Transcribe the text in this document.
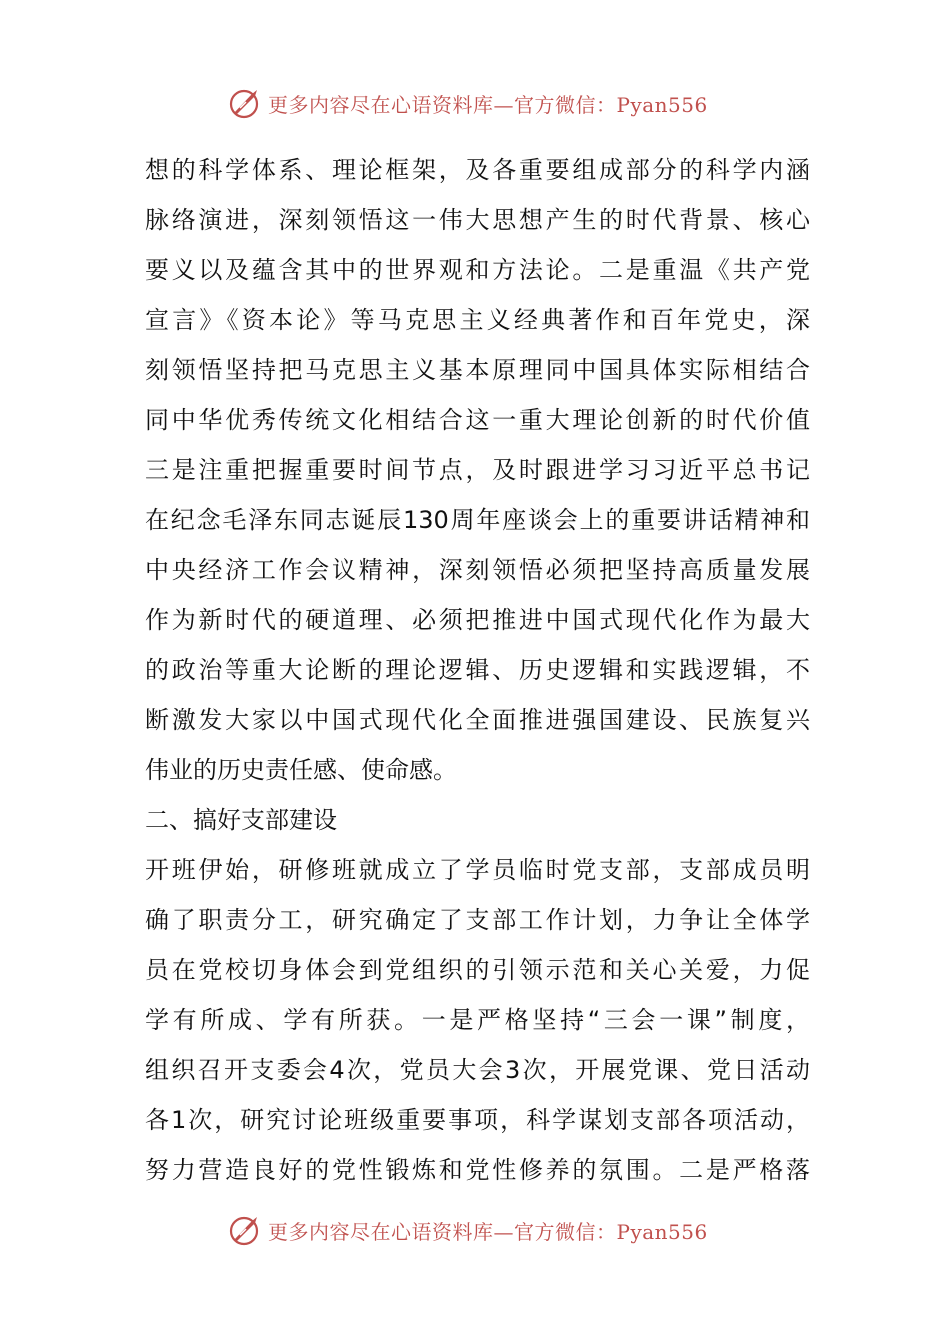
更多内容尽在心语资料库—官方微信：Pyan556
想的科学体系、理论框架，及各重要组成部分的科学内涵
脉络演进，深刻领悟这一伟大思想产生的时代背景、核心
要义以及蕴含其中的世界观和方法论。二是重温《共产党
宣言》《资本论》等马克思主义经典著作和百年党史，深
刻领悟坚持把马克思主义基本原理同中国具体实际相结合
同中华优秀传统文化相结合这一重大理论创新的时代价值
三是注重把握重要时间节点，及时跟进学习习近平总书记
在纪念毛泽东同志诞辰130周年座谈会上的重要讲话精神和
中央经济工作会议精神，深刻领悟必须把坚持高质量发展
作为新时代的硬道理、必须把推进中国式现代化作为最大
的政治等重大论断的理论逻辑、历史逻辑和实践逻辑，不
断激发大家以中国式现代化全面推进强国建设、民族复兴
伟业的历史责任感、使命感。
二、搞好支部建设
开班伊始，研修班就成立了学员临时党支部，支部成员明
确了职责分工，研究确定了支部工作计划，力争让全体学
员在党校切身体会到党组织的引领示范和关心关爱，力促
学有所成、学有所获。一是严格坚持“三会一课”制度，
组织召开支委会4次，党员大会3次，开展党课、党日活动
各1次，研究讨论班级重要事项，科学谋划支部各项活动，
努力营造良好的党性锻炼和党性修养的氛围。二是严格落
更多内容尽在心语资料库—官方微信：Pyan556
